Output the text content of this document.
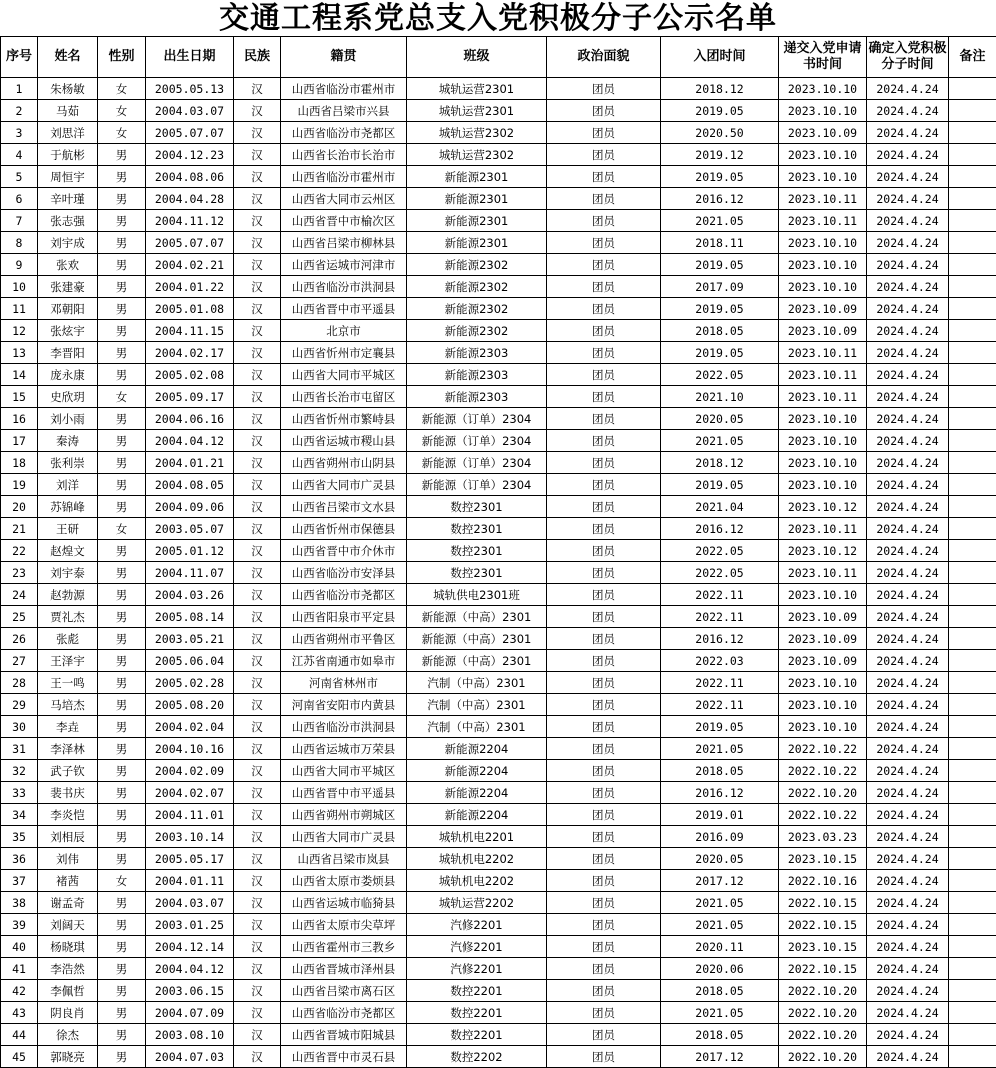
交通工程系党总支入党积极分子公示名单
序号	姓名	性别	出生日期	民族	籍贯	班级	政治面貌	入团时间	递交入党申请书时间	确定入党积极分子时间	备注
1	朱杨敏	女	2005.05.13	汉	山西省临汾市霍州市	城轨运营2301	团员	2018.12	2023.10.10	2024.4.24	
2	马茹	女	2004.03.07	汉	山西省吕梁市兴县	城轨运营2301	团员	2019.05	2023.10.10	2024.4.24	
3	刘思洋	女	2005.07.07	汉	山西省临汾市尧都区	城轨运营2302	团员	2020.50	2023.10.09	2024.4.24	
4	于航彬	男	2004.12.23	汉	山西省长治市长治市	城轨运营2302	团员	2019.12	2023.10.10	2024.4.24	
5	周恒宇	男	2004.08.06	汉	山西省临汾市霍州市	新能源2301	团员	2019.05	2023.10.10	2024.4.24	
6	辛叶瑾	男	2004.04.28	汉	山西省大同市云州区	新能源2301	团员	2016.12	2023.10.11	2024.4.24	
7	张志强	男	2004.11.12	汉	山西省晋中市榆次区	新能源2301	团员	2021.05	2023.10.11	2024.4.24	
8	刘宇成	男	2005.07.07	汉	山西省吕梁市柳林县	新能源2301	团员	2018.11	2023.10.10	2024.4.24	
9	张欢	男	2004.02.21	汉	山西省运城市河津市	新能源2302	团员	2019.05	2023.10.10	2024.4.24	
10	张建豪	男	2004.01.22	汉	山西省临汾市洪洞县	新能源2302	团员	2017.09	2023.10.10	2024.4.24	
11	邓朝阳	男	2005.01.08	汉	山西省晋中市平遥县	新能源2302	团员	2019.05	2023.10.09	2024.4.24	
12	张炫宇	男	2004.11.15	汉	北京市	新能源2302	团员	2018.05	2023.10.09	2024.4.24	
13	李晋阳	男	2004.02.17	汉	山西省忻州市定襄县	新能源2303	团员	2019.05	2023.10.11	2024.4.24	
14	庞永康	男	2005.02.08	汉	山西省大同市平城区	新能源2303	团员	2022.05	2023.10.11	2024.4.24	
15	史欣玥	女	2005.09.17	汉	山西省长治市屯留区	新能源2303	团员	2021.10	2023.10.11	2024.4.24	
16	刘小雨	男	2004.06.16	汉	山西省忻州市繁峙县	新能源（订单）2304	团员	2020.05	2023.10.10	2024.4.24	
17	秦涛	男	2004.04.12	汉	山西省运城市稷山县	新能源（订单）2304	团员	2021.05	2023.10.10	2024.4.24	
18	张利崇	男	2004.01.21	汉	山西省朔州市山阴县	新能源（订单）2304	团员	2018.12	2023.10.10	2024.4.24	
19	刘洋	男	2004.08.05	汉	山西省大同市广灵县	新能源（订单）2304	团员	2019.05	2023.10.10	2024.4.24	
20	苏锦峰	男	2004.09.06	汉	山西省吕梁市文水县	数控2301	团员	2021.04	2023.10.12	2024.4.24	
21	王研	女	2003.05.07	汉	山西省忻州市保德县	数控2301	团员	2016.12	2023.10.11	2024.4.24	
22	赵煌文	男	2005.01.12	汉	山西省晋中市介休市	数控2301	团员	2022.05	2023.10.12	2024.4.24	
23	刘宇泰	男	2004.11.07	汉	山西省临汾市安泽县	数控2301	团员	2022.05	2023.10.11	2024.4.24	
24	赵勃源	男	2004.03.26	汉	山西省临汾市尧都区	城轨供电2301班	团员	2022.11	2023.10.10	2024.4.24	
25	贾礼杰	男	2005.08.14	汉	山西省阳泉市平定县	新能源（中高）2301	团员	2022.11	2023.10.09	2024.4.24	
26	张彪	男	2003.05.21	汉	山西省朔州市平鲁区	新能源（中高）2301	团员	2016.12	2023.10.09	2024.4.24	
27	王泽宇	男	2005.06.04	汉	江苏省南通市如皋市	新能源（中高）2301	团员	2022.03	2023.10.09	2024.4.24	
28	王一鸣	男	2005.02.28	汉	河南省林州市	汽制（中高）2301	团员	2022.11	2023.10.10	2024.4.24	
29	马培杰	男	2005.08.20	汉	河南省安阳市内黄县	汽制（中高）2301	团员	2022.11	2023.10.10	2024.4.24	
30	李垚	男	2004.02.04	汉	山西省临汾市洪洞县	汽制（中高）2301	团员	2019.05	2023.10.10	2024.4.24	
31	李泽林	男	2004.10.16	汉	山西省运城市万荣县	新能源2204	团员	2021.05	2022.10.22	2024.4.24	
32	武子钦	男	2004.02.09	汉	山西省大同市平城区	新能源2204	团员	2018.05	2022.10.22	2024.4.24	
33	裴书庆	男	2004.02.07	汉	山西省晋中市平遥县	新能源2204	团员	2016.12	2022.10.20	2024.4.24	
34	李炎恺	男	2004.11.01	汉	山西省朔州市朔城区	新能源2204	团员	2019.01	2022.10.22	2024.4.24	
35	刘相辰	男	2003.10.14	汉	山西省大同市广灵县	城轨机电2201	团员	2016.09	2023.03.23	2024.4.24	
36	刘伟	男	2005.05.17	汉	山西省吕梁市岚县	城轨机电2202	团员	2020.05	2023.10.15	2024.4.24	
37	褚茜	女	2004.01.11	汉	山西省太原市娄烦县	城轨机电2202	团员	2017.12	2022.10.16	2024.4.24	
38	谢孟奇	男	2004.03.07	汉	山西省运城市临猗县	城轨运营2202	团员	2021.05	2022.10.15	2024.4.24	
39	刘阔天	男	2003.01.25	汉	山西省太原市尖草坪	汽修2201	团员	2021.05	2022.10.15	2024.4.24	
40	杨晓琪	男	2004.12.14	汉	山西省霍州市三教乡	汽修2201	团员	2020.11	2023.10.15	2024.4.24	
41	李浩然	男	2004.04.12	汉	山西省晋城市泽州县	汽修2201	团员	2020.06	2022.10.15	2024.4.24	
42	李佩哲	男	2003.06.15	汉	山西省吕梁市离石区	数控2201	团员	2018.05	2022.10.20	2024.4.24	
43	阴良肖	男	2004.07.09	汉	山西省临汾市尧都区	数控2201	团员	2021.05	2022.10.20	2024.4.24	
44	徐杰	男	2003.08.10	汉	山西省晋城市阳城县	数控2201	团员	2018.05	2022.10.20	2024.4.24	
45	郭晓亮	男	2004.07.03	汉	山西省晋中市灵石县	数控2202	团员	2017.12	2022.10.20	2024.4.24	
